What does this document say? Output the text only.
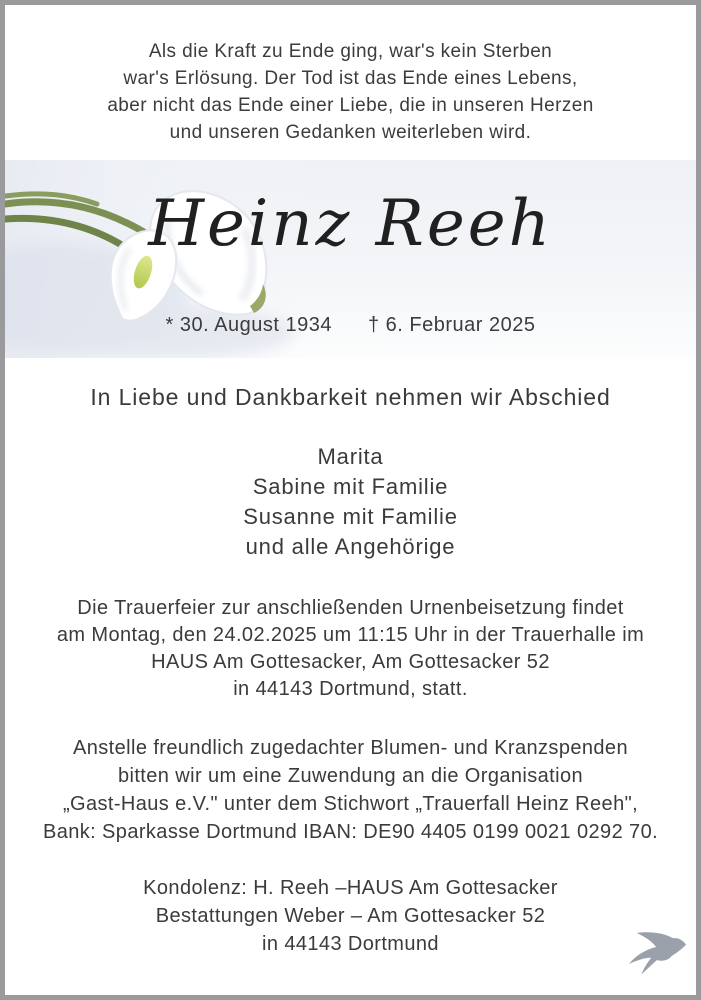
Als die Kraft zu Ende ging, war's kein Sterben
war's Erlösung. Der Tod ist das Ende eines Lebens,
aber nicht das Ende einer Liebe, die in unseren Herzen
und unseren Gedanken weiterleben wird.
Heinz Reeh
* 30. August 1934 † 6. Februar 2025
In Liebe und Dankbarkeit nehmen wir Abschied
Marita
Sabine mit Familie
Susanne mit Familie
und alle Angehörige
Die Trauerfeier zur anschließenden Urnenbeisetzung findet
am Montag, den 24.02.2025 um 11:15 Uhr in der Trauerhalle im
HAUS Am Gottesacker, Am Gottesacker 52
in 44143 Dortmund, statt.
Anstelle freundlich zugedachter Blumen- und Kranzspenden
bitten wir um eine Zuwendung an die Organisation
„Gast-Haus e.V." unter dem Stichwort „Trauerfall Heinz Reeh",
Bank: Sparkasse Dortmund IBAN: DE90 4405 0199 0021 0292 70.
Kondolenz: H. Reeh –HAUS Am Gottesacker
Bestattungen Weber – Am Gottesacker 52
in 44143 Dortmund
